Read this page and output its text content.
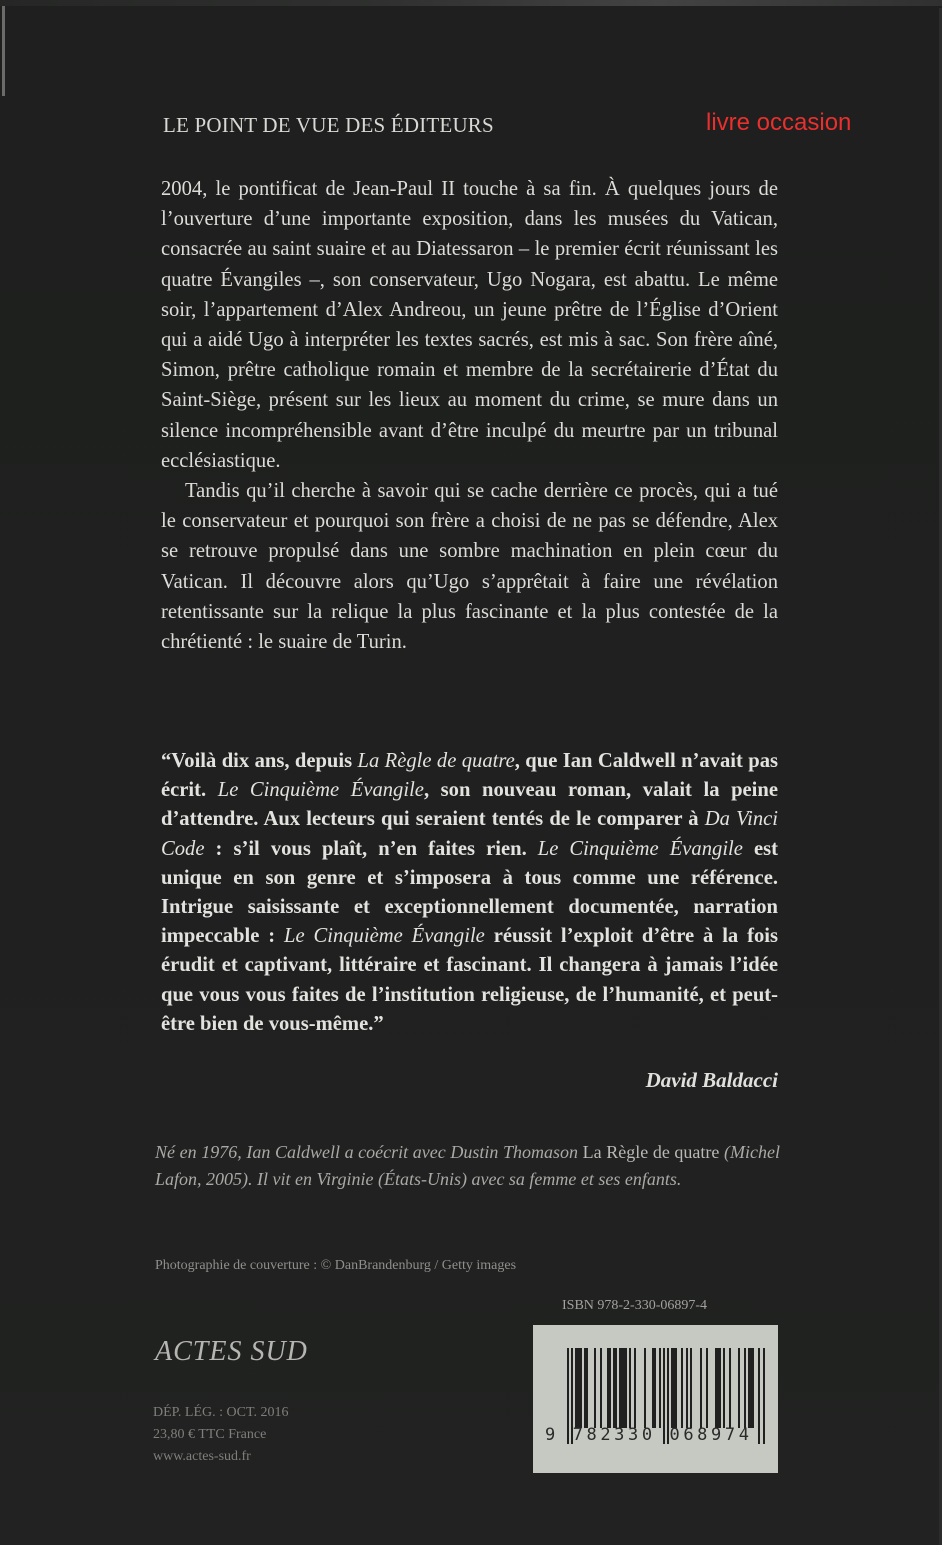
LE POINT DE VUE DES ÉDITEURS	livre occasion

2004, le pontificat de Jean-Paul II touche à sa fin. À quelques jours de l’ouverture d’une importante exposition, dans les musées du Vatican, consacrée au saint suaire et au Diatessaron – le premier écrit réunissant les quatre Évangiles –, son conservateur, Ugo Nogara, est abattu. Le même soir, l’appartement d’Alex Andreou, un jeune prêtre de l’Église d’Orient qui a aidé Ugo à interpréter les textes sacrés, est mis à sac. Son frère aîné, Simon, prêtre catholique romain et membre de la secrétairerie d’État du Saint-Siège, présent sur les lieux au moment du crime, se mure dans un silence incompréhensible avant d’être inculpé du meurtre par un tribunal ecclésiastique.

Tandis qu’il cherche à savoir qui se cache derrière ce procès, qui a tué le conservateur et pourquoi son frère a choisi de ne pas se défendre, Alex se retrouve propulsé dans une sombre machination en plein cœur du Vatican. Il découvre alors qu’Ugo s’apprêtait à faire une révélation retentissante sur la relique la plus fascinante et la plus contestée de la chrétienté : le suaire de Turin.

“Voilà dix ans, depuis La Règle de quatre, que Ian Caldwell n’avait pas écrit. Le Cinquième Évangile, son nouveau roman, valait la peine d’attendre. Aux lecteurs qui seraient tentés de le comparer à Da Vinci Code : s’il vous plaît, n’en faites rien. Le Cinquième Évangile est unique en son genre et s’imposera à tous comme une référence. Intrigue saisissante et exceptionnellement documentée, narration impeccable : Le Cinquième Évangile réussit l’exploit d’être à la fois érudit et captivant, littéraire et fascinant. Il changera à jamais l’idée que vous vous faites de l’institution religieuse, de l’humanité, et peut-être bien de vous-même.”
David Baldacci
Né en 1976, Ian Caldwell a coécrit avec Dustin Thomason La Règle de quatre (Michel Lafon, 2005). Il vit en Virginie (États-Unis) avec sa femme et ses enfants.
Photographie de couverture : © DanBrandenburg / Getty images
ISBN 978-2-330-06897-4
ACTES SUD
DÉP. LÉG. : OCT. 2016
23,80 € TTC France
www.actes-sud.fr
9 782330 068974
